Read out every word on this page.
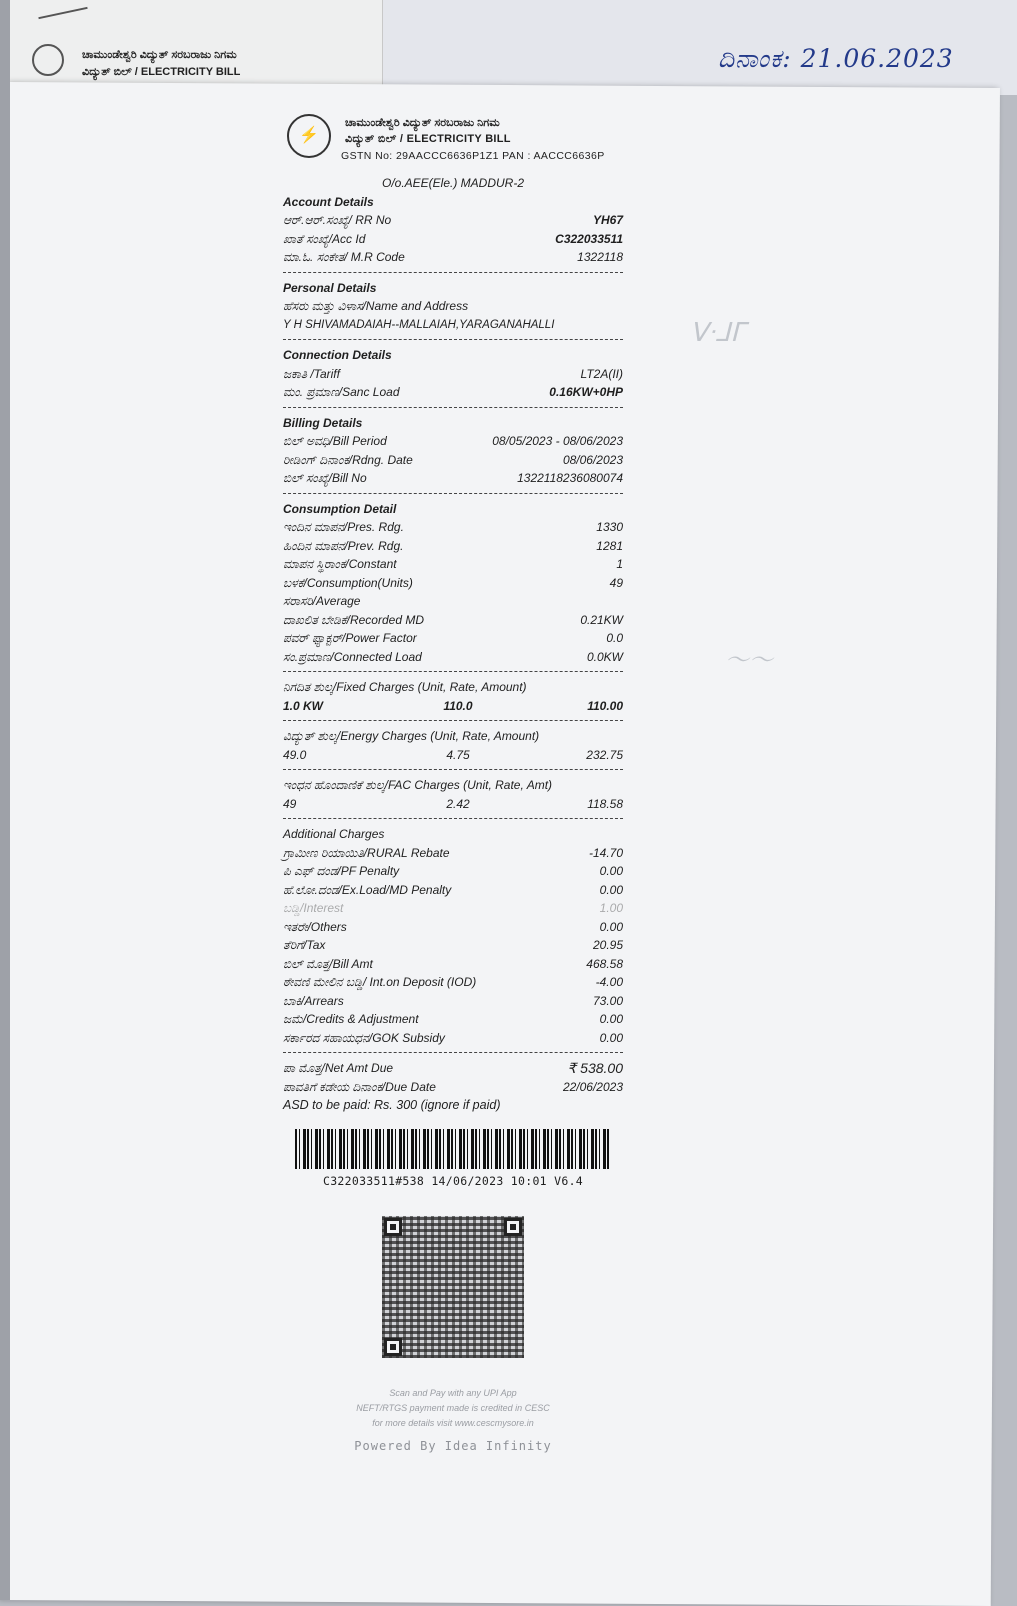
ಚಾಮುಂಡೇಶ್ವರಿ ವಿದ್ಯುತ್ ಸರಬರಾಜು ನಿಗಮ
ವಿದ್ಯುತ್ ಬಿಲ್ / ELECTRICITY BILL	ದಿನಾಂಕ: 21.06.2023
ᐯᐧᒧᒥ
〜〜
⚡
ಚಾಮುಂಡೇಶ್ವರಿ ವಿದ್ಯುತ್ ಸರಬರಾಜು ನಿಗಮ
ವಿದ್ಯುತ್ ಬಿಲ್ / ELECTRICITY BILL
GSTN No: 29AACCC6636P1Z1 PAN : AACCC6636P
O/o.AEE(Ele.) MADDUR-2
Account Details
ಆರ್.ಆರ್.ಸಂಖ್ಯೆ/ RR No	YH67
ಖಾತೆ ಸಂಖ್ಯೆ/Acc Id	C322033511
ಮಾ.ಓ. ಸಂಕೇತ/ M.R Code	1322118
Personal Details
ಹೆಸರು ಮತ್ತು ವಿಳಾಸ/Name and Address
Y H SHIVAMADAIAH--MALLAIAH,YARAGANAHALLI
Connection Details
ಜಕಾತಿ /Tariff	LT2A(II)
ಮಂ. ಪ್ರಮಾಣ/Sanc Load	0.16KW+0HP
Billing Details
ಬಿಲ್ ಅವಧಿ/Bill Period	08/05/2023 - 08/06/2023
ರೀಡಿಂಗ್ ದಿನಾಂಕ/Rdng. Date	08/06/2023
ಬಿಲ್ ಸಂಖ್ಯೆ/Bill No	1322118236080074
Consumption Detail
ಇಂದಿನ ಮಾಪನ/Pres. Rdg.	1330
ಹಿಂದಿನ ಮಾಪನ/Prev. Rdg.	1281
ಮಾಪನ ಸ್ಥಿರಾಂಕ/Constant	1
ಬಳಕೆ/Consumption(Units)	49
ಸರಾಸರಿ/Average
ದಾಖಲಿತ ಬೇಡಿಕೆ/Recorded MD	0.21KW
ಪವರ್ ಫ್ಯಾಕ್ಟರ್/Power Factor	0.0
ಸಂ.ಪ್ರಮಾಣ/Connected Load	0.0KW
ನಿಗದಿತ ಶುಲ್ಕ/Fixed Charges (Unit, Rate, Amount)
1.0 KW	110.0	110.00
ವಿದ್ಯುತ್ ಶುಲ್ಕ/Energy Charges (Unit, Rate, Amount)
49.0	4.75	232.75
ಇಂಧನ ಹೊಂದಾಣಿಕೆ ಶುಲ್ಕ/FAC Charges (Unit, Rate, Amt)
49	2.42	118.58
Additional Charges
ಗ್ರಾಮೀಣ ರಿಯಾಯಿತಿ/RURAL Rebate	-14.70
ಪಿ ಎಫ್ ದಂಡ/PF Penalty	0.00
ಹೆ.ಲೋ.ದಂಡ/Ex.Load/MD Penalty	0.00
ಬಡ್ಡಿ/Interest	1.00
ಇತರೇ/Others	0.00
ತೆರಿಗೆ/Tax	20.95
ಬಿಲ್ ಮೊತ್ತ/Bill Amt	468.58
ಠೇವಣಿ ಮೇಲಿನ ಬಡ್ಡಿ/ Int.on Deposit (IOD)	-4.00
ಬಾಕಿ/Arrears	73.00
ಜಮೆ/Credits & Adjustment	0.00
ಸರ್ಕಾರದ ಸಹಾಯಧನ/GOK Subsidy	0.00
ಪಾ ಮೊತ್ತ/Net Amt Due	₹ 538.00
ಪಾವತಿಗೆ ಕಡೇಯ ದಿನಾಂಕ/Due Date	22/06/2023
ASD to be paid: Rs. 300 (ignore if paid)
C322033511#538 14/06/2023 10:01 V6.4
Scan and Pay with any UPI App
NEFT/RTGS payment made is credited in CESC
for more details visit www.cescmysore.in
Powered By Idea Infinity
